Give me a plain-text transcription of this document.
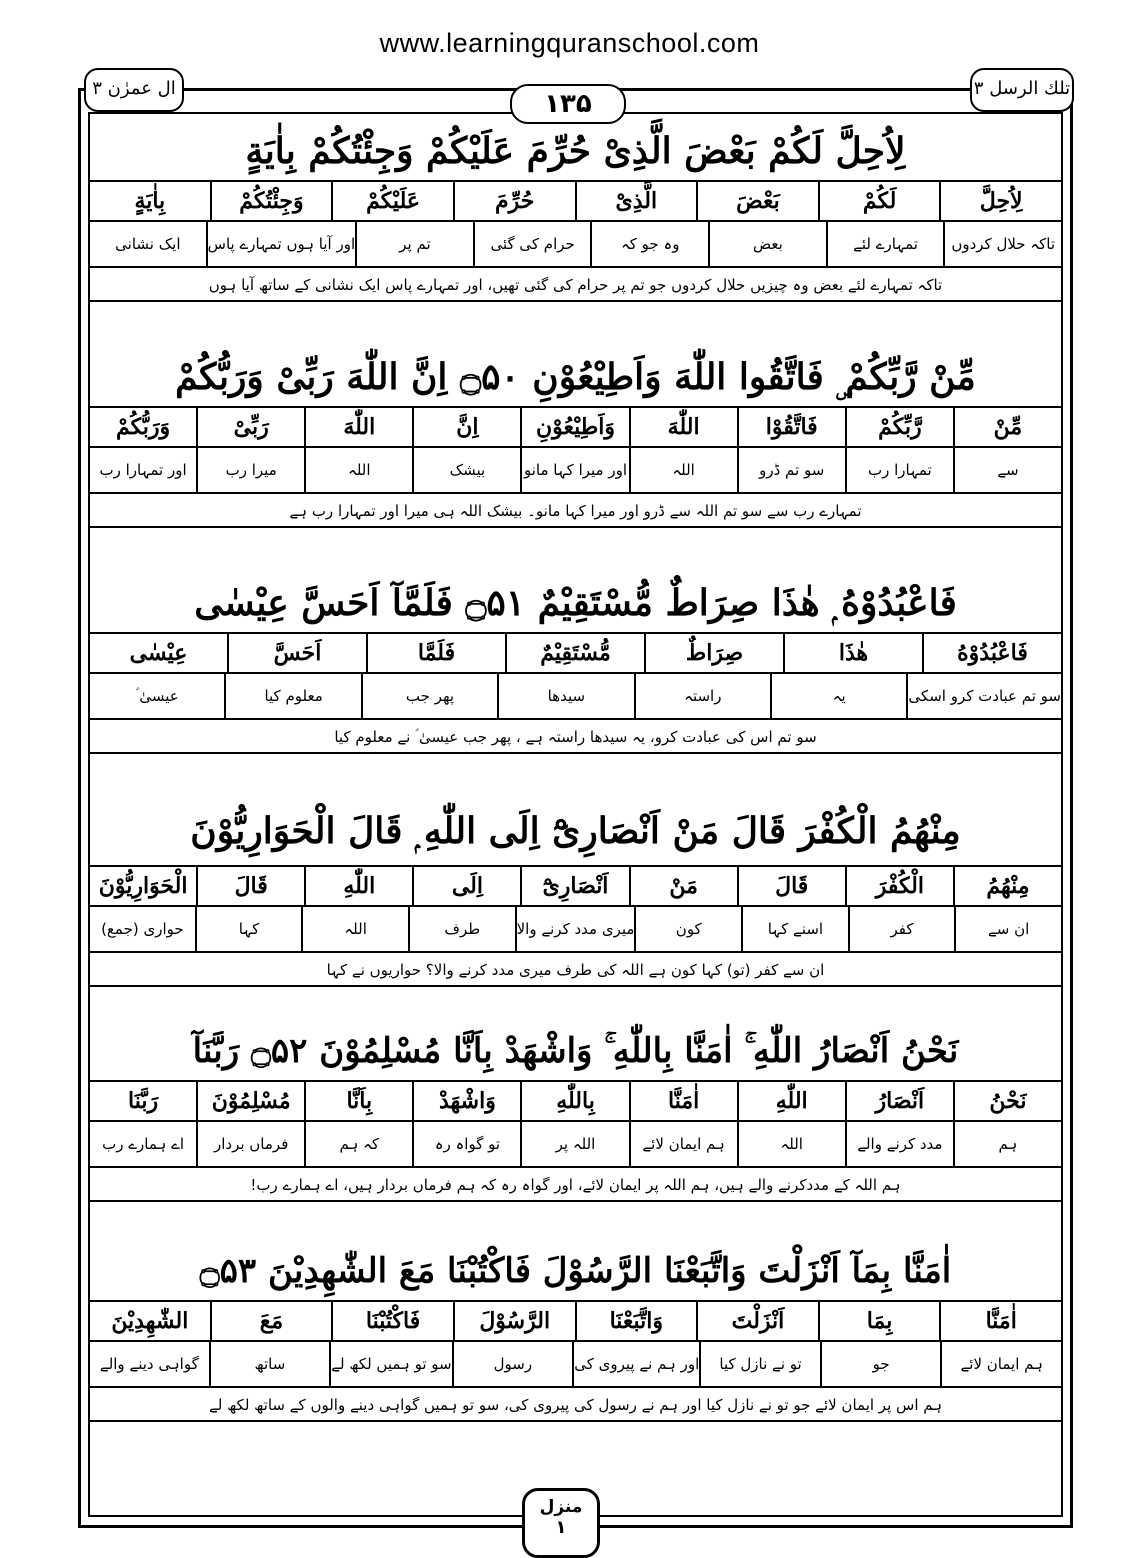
www.learningquranschool.com
ال عمرٰن ۳	تلك الرسل ۳
۱۳۵
لِاُحِلَّ لَكُمْ بَعْضَ الَّذِىْ حُرِّمَ عَلَيْكُمْ وَجِئْتُكُمْ بِاٰيَةٍ
لِاُحِلَّ
لَكُمْ
بَعْضَ
الَّذِىْ
حُرِّمَ
عَلَيْكُمْ
وَجِئْتُكُمْ
بِاٰيَةٍ
تاکہ حلال کردوں
تمہارے لئے
بعض
وہ جو کہ
حرام کی گئی
تم پر
اور آیا ہوں تمہارے پاس
ایک نشانی
تاکہ تمہارے لئے بعض وہ چیزیں حلال کردوں جو تم پر حرام کی گئی تھیں، اور تمہارے پاس ایک نشانی کے ساتھ آیا ہوں
مِّنْ رَّبِّكُمْ ۣ فَاتَّقُوا اللّٰهَ وَاَطِيْعُوْنِ ۝۵۰ اِنَّ اللّٰهَ رَبِّىْ وَرَبُّكُمْ
مِّنْ
رَّبِّكُمْ
فَاتَّقُوْا
اللّٰهَ
وَاَطِيْعُوْنِ
اِنَّ
اللّٰهَ
رَبِّىْ
وَرَبُّكُمْ
سے
تمہارا رب
سو تم ڈرو
اللہ
اور میرا کہا مانو
بیشک
اللہ
میرا رب
اور تمہارا رب
تمہارے رب سے سو تم اللہ سے ڈرو اور میرا کہا مانو۔ بیشک اللہ ہی میرا اور تمہارا رب ہے
فَاعْبُدُوْهُ ۭ هٰذَا صِرَاطٌ مُّسْتَقِيْمٌ ۝۵۱ فَلَمَّآ اَحَسَّ عِيْسٰى
فَاعْبُدُوْهُ
هٰذَا
صِرَاطٌ
مُّسْتَقِيْمٌ
فَلَمَّا
اَحَسَّ
عِيْسٰى
سو تم عبادت کرو اسکی
یہ
راستہ
سیدھا
پھر جب
معلوم کیا
عیسیٰ ؑ
سو تم اس کی عبادت کرو، یہ سیدھا راستہ ہے ، پھر جب عیسیٰ ؑ نے معلوم کیا
مِنْهُمُ الْكُفْرَ قَالَ مَنْ اَنْصَارِىْٓ اِلَى اللّٰهِ ۭ قَالَ الْحَوَارِيُّوْنَ
مِنْهُمُ
الْكُفْرَ
قَالَ
مَنْ
اَنْصَارِىْٓ
اِلَى
اللّٰهِ
قَالَ
الْحَوَارِيُّوْنَ
ان سے
کفر
اسنے کہا
کون
میری مدد کرنے والا
طرف
اللہ
کہا
حواری (جمع)
ان سے کفر (تو) کہا کون ہے اللہ کی طرف میری مدد کرنے والا؟ حواریوں نے کہا
نَحْنُ اَنْصَارُ اللّٰهِ ۚ اٰمَنَّا بِاللّٰهِ ۚ وَاشْهَدْ بِاَنَّا مُسْلِمُوْنَ ۝۵۲ رَبَّنَآ
نَحْنُ
اَنْصَارُ
اللّٰهِ
اٰمَنَّا
بِاللّٰهِ
وَاشْهَدْ
بِاَنَّا
مُسْلِمُوْنَ
رَبَّنَا
ہم
مدد کرنے والے
اللہ
ہم ایمان لائے
اللہ پر
تو گواہ رہ
کہ ہم
فرماں بردار
اے ہمارے رب
ہم اللہ کے مددکرنے والے ہیں، ہم اللہ پر ایمان لائے، اور گواہ رہ کہ ہم فرماں بردار ہیں، اے ہمارے رب!
اٰمَنَّا بِمَآ اَنْزَلْتَ وَاتَّبَعْنَا الرَّسُوْلَ فَاكْتُبْنَا مَعَ الشّٰهِدِيْنَ ۝۵۳
اٰمَنَّا
بِمَا
اَنْزَلْتَ
وَاتَّبَعْنَا
الرَّسُوْلَ
فَاكْتُبْنَا
مَعَ
الشّٰهِدِيْنَ
ہم ایمان لائے
جو
تو نے نازل کیا
اور ہم نے پیروی کی
رسول
سو تو ہمیں لکھ لے
ساتھ
گواہی دینے والے
ہم اس پر ایمان لائے جو تو نے نازل کیا اور ہم نے رسول کی پیروی کی، سو تو ہمیں گواہی دینے والوں کے ساتھ لکھ لے
منزل
۱
